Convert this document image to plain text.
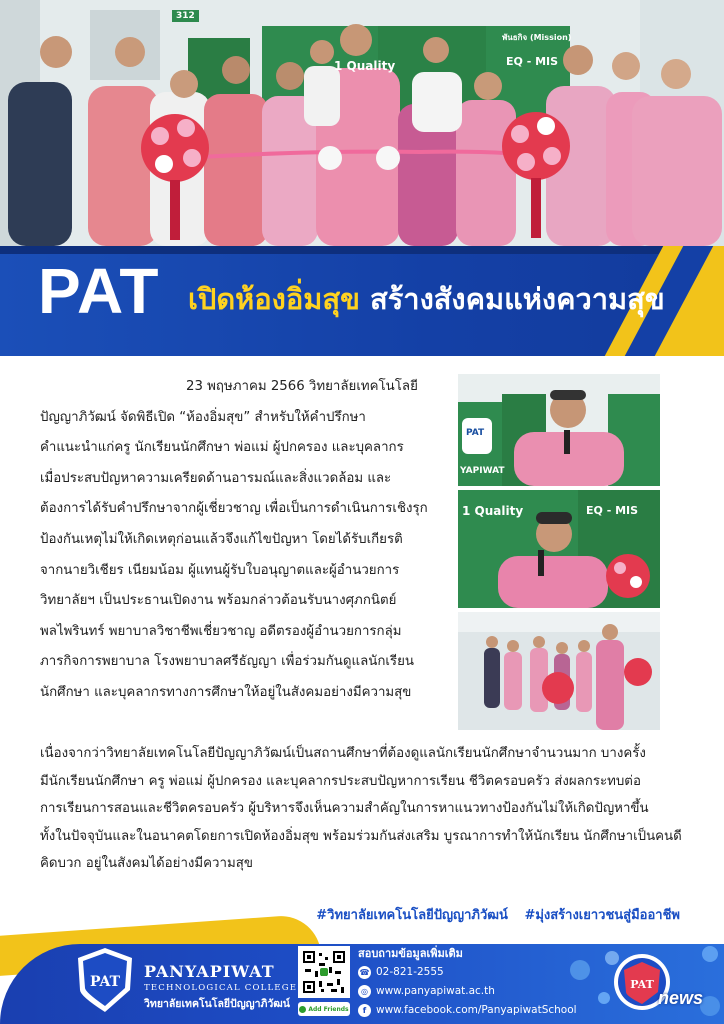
312
พันธกิจ (Mission)
EQ - MIS
1 Quality
PAT เปิดห้องอิ่มสุข สร้างสังคมแห่งความสุข
23 พฤษภาคม 2566 วิทยาลัยเทคโนโลยี
ปัญญาภิวัฒน์ จัดพิธีเปิด “ห้องอิ่มสุข” สำหรับให้คำปรึกษา
คำแนะนำแก่ครู นักเรียนนักศึกษา พ่อแม่ ผู้ปกครอง และบุคลากร
เมื่อประสบปัญหาความเครียดด้านอารมณ์และสิ่งแวดล้อม และ
ต้องการได้รับคำปรึกษาจากผู้เชี่ยวชาญ เพื่อเป็นการดำเนินการเชิงรุก
ป้องกันเหตุไม่ให้เกิดเหตุก่อนแล้วจึงแก้ไขปัญหา โดยได้รับเกียรติ
จากนายวิเชียร เนียมน้อม ผู้แทนผู้รับใบอนุญาตและผู้อำนวยการ
วิทยาลัยฯ เป็นประธานเปิดงาน พร้อมกล่าวต้อนรับนางศุภกนิตย์
พลไพรินทร์ พยาบาลวิชาชีพเชี่ยวชาญ อดีตรองผู้อำนวยการกลุ่ม
ภารกิจการพยาบาล โรงพยาบาลศรีธัญญา เพื่อร่วมกันดูแลนักเรียน
นักศึกษา และบุคลากรทางการศึกษาให้อยู่ในสังคมอย่างมีความสุข
PAT
YAPIWAT
1 Quality	EQ - MIS
เนื่องจากว่าวิทยาลัยเทคโนโลยีปัญญาภิวัฒน์เป็นสถานศึกษาที่ต้องดูแลนักเรียนนักศึกษาจำนวนมาก บางครั้ง
มีนักเรียนนักศึกษา ครู พ่อแม่ ผู้ปกครอง และบุคลากรประสบปัญหาการเรียน ชีวิตครอบครัว ส่งผลกระทบต่อ
การเรียนการสอนและชีวิตครอบครัว ผู้บริหารจึงเห็นความสำคัญในการหาแนวทางป้องกันไม่ให้เกิดปัญหาขึ้น
ทั้งในปัจจุบันและในอนาคตโดยการเปิดห้องอิ่มสุข พร้อมร่วมกันส่งเสริม บูรณาการทำให้นักเรียน นักศึกษาเป็นคนดี
คิดบวก อยู่ในสังคมได้อย่างมีความสุข
#วิทยาลัยเทคโนโลยีปัญญาภิวัฒน์ #มุ่งสร้างเยาวชนสู่มืออาชีพ
PAT
PANYAPIWAT
TECHNOLOGICAL COLLEGE
วิทยาลัยเทคโนโลยีปัญญาภิวัฒน์	Add Friends
สอบถามข้อมูลเพิ่มเติม
☎ 02-821-2555
◎ www.panyapiwat.ac.th
f www.facebook.com/PanyapiwatSchool
PAT
news
